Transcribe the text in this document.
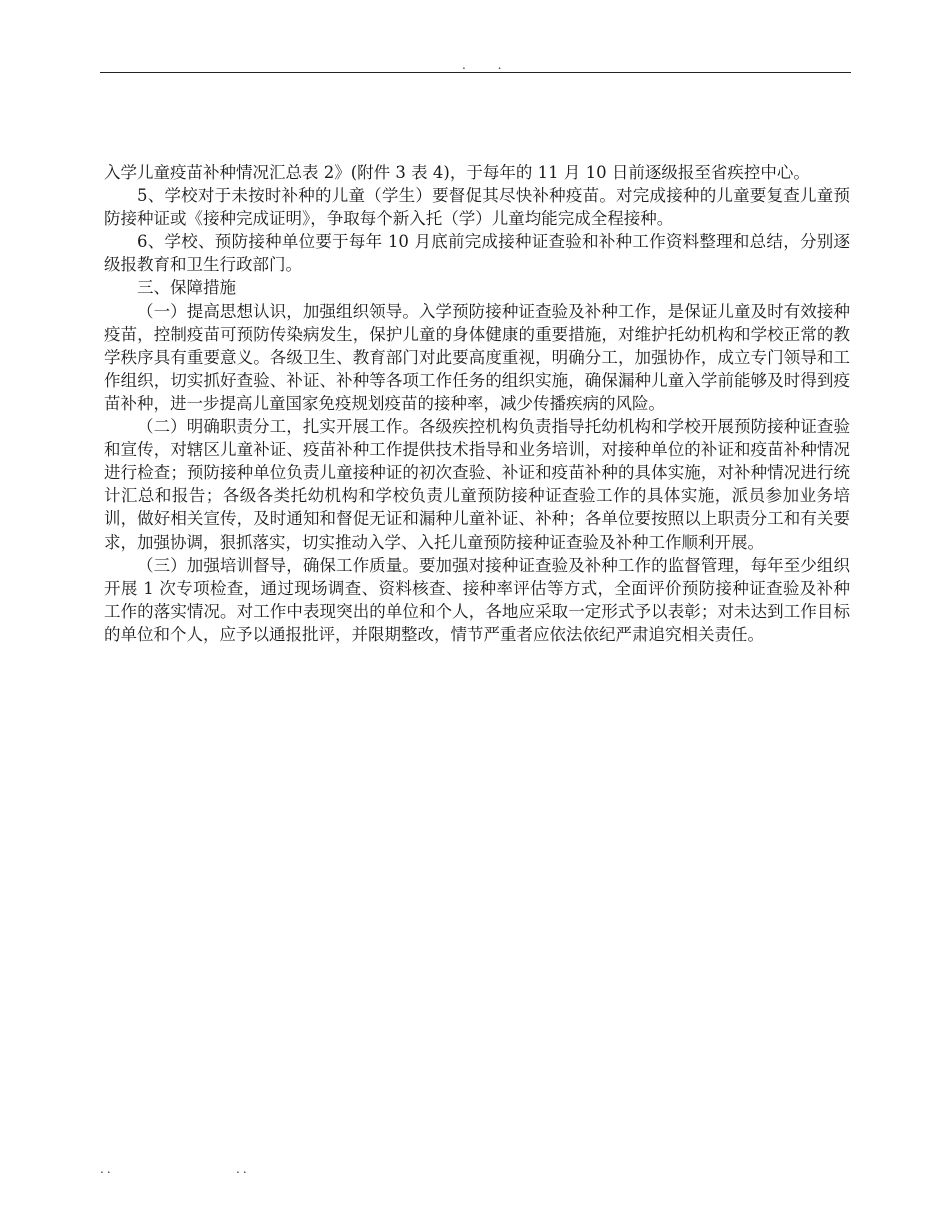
. .

入学儿童疫苗补种情况汇总表 2》(附件 3 表 4)，于每年的 11 月 10 日前逐级报至省疾控中心。

5、学校对于未按时补种的儿童（学生）要督促其尽快补种疫苗。对完成接种的儿童要复查儿童预防接种证或《接种完成证明》，争取每个新入托（学）儿童均能完成全程接种。

6、学校、预防接种单位要于每年 10 月底前完成接种证查验和补种工作资料整理和总结，分别逐级报教育和卫生行政部门。

三、保障措施

（一）提高思想认识，加强组织领导。入学预防接种证查验及补种工作，是保证儿童及时有效接种疫苗，控制疫苗可预防传染病发生，保护儿童的身体健康的重要措施，对维护托幼机构和学校正常的教学秩序具有重要意义。各级卫生、教育部门对此要高度重视，明确分工，加强协作，成立专门领导和工作组织，切实抓好查验、补证、补种等各项工作任务的组织实施，确保漏种儿童入学前能够及时得到疫苗补种，进一步提高儿童国家免疫规划疫苗的接种率，减少传播疾病的风险。

（二）明确职责分工，扎实开展工作。各级疾控机构负责指导托幼机构和学校开展预防接种证查验和宣传，对辖区儿童补证、疫苗补种工作提供技术指导和业务培训，对接种单位的补证和疫苗补种情况进行检查；预防接种单位负责儿童接种证的初次查验、补证和疫苗补种的具体实施，对补种情况进行统计汇总和报告；各级各类托幼机构和学校负责儿童预防接种证查验工作的具体实施，派员参加业务培训，做好相关宣传，及时通知和督促无证和漏种儿童补证、补种；各单位要按照以上职责分工和有关要求，加强协调，狠抓落实，切实推动入学、入托儿童预防接种证查验及补种工作顺利开展。

（三）加强培训督导，确保工作质量。要加强对接种证查验及补种工作的监督管理，每年至少组织开展 1 次专项检查，通过现场调查、资料核查、接种率评估等方式，全面评价预防接种证查验及补种工作的落实情况。对工作中表现突出的单位和个人，各地应采取一定形式予以表彰；对未达到工作目标的单位和个人，应予以通报批评，并限期整改，情节严重者应依法依纪严肃追究相关责任。

..	..
